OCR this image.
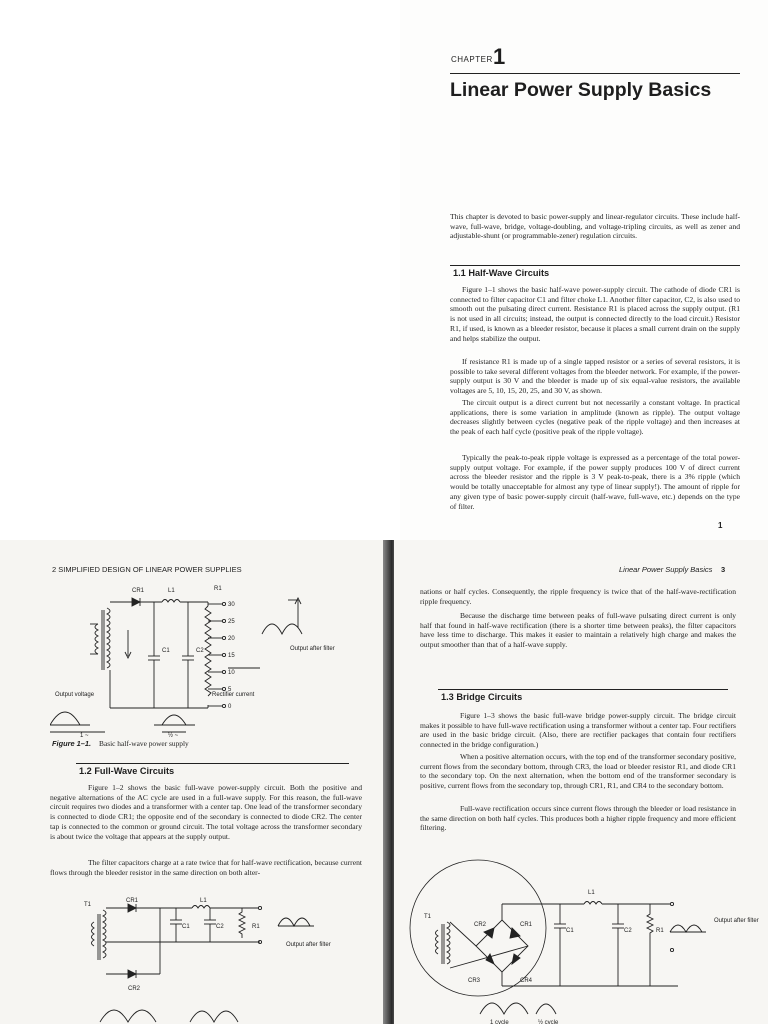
CHAPTER 1
Linear Power Supply Basics

This chapter is devoted to basic power-supply and linear-regulator circuits. These include half-wave, full-wave, bridge, voltage-doubling, and voltage-tripling circuits, as well as zener and adjustable-shunt (or programmable-zener) regulation circuits.

1.1 Half-Wave Circuits

Figure 1–1 shows the basic half-wave power-supply circuit. The cathode of diode CR1 is connected to filter capacitor C1 and filter choke L1. Another filter capacitor, C2, is also used to smooth out the pulsating direct current. Resistance R1 is placed across the supply output. (R1 is not used in all circuits; instead, the output is connected directly to the load circuit.) Resistor R1, if used, is known as a bleeder resistor, because it places a small current drain on the supply and helps stabilize the output.

If resistance R1 is made up of a single tapped resistor or a series of several resistors, it is possible to take several different voltages from the bleeder network. For example, if the power-supply output is 30 V and the bleeder is made up of six equal-value resistors, the available voltages are 5, 10, 15, 20, 25, and 30 V, as shown.

The circuit output is a direct current but not necessarily a constant voltage. In practical applications, there is some variation in amplitude (known as ripple). The output voltage decreases slightly between cycles (negative peak of the ripple voltage) and then increases at the peak of each half cycle (positive peak of the ripple voltage).

Typically the peak-to-peak ripple voltage is expressed as a percentage of the total power-supply output voltage. For example, if the power supply produces 100 V of direct current across the bleeder resistor and the ripple is 3 V peak-to-peak, there is a 3% ripple (which would be totally unacceptable for almost any type of linear supply!). The amount of ripple for any given type of basic power-supply circuit (half-wave, full-wave, etc.) depends on the type of filter.

1
2 SIMPLIFIED DESIGN OF LINEAR POWER SUPPLIES
30
25
20
15
10
5
0
CR1	L1	R1
C1	C2	Output after filter
Output voltage	Rectifier current
1 ~	½ ~
Figure 1–1. Basic half-wave power supply
1.2 Full-Wave Circuits

Figure 1–2 shows the basic full-wave power-supply circuit. Both the positive and negative alternations of the AC cycle are used in a full-wave supply. For this reason, the full-wave circuit requires two diodes and a transformer with a center tap. One lead of the transformer secondary is connected to diode CR1; the opposite end of the secondary is connected to diode CR2. The center tap is connected to the common or ground circuit. The total voltage across the transformer secondary is about twice the voltage that appears at the supply output.

The filter capacitors charge at a rate twice that for half-wave rectification, because current flows through the bleeder resistor in the same direction on both alter-

T1
CR1
CR2
L1
C1	C2	R1
Output after filter
Linear Power Supply Basics 3

nations or half cycles. Consequently, the ripple frequency is twice that of the half-wave-rectification ripple frequency.

Because the discharge time between peaks of full-wave pulsating direct current is only half that found in half-wave rectification (there is a shorter time between peaks), the filter capacitors have less time to discharge. This makes it easier to maintain a relatively high charge and makes the output smoother than that of a half-wave supply.

1.3 Bridge Circuits

Figure 1–3 shows the basic full-wave bridge power-supply circuit. The bridge circuit makes it possible to have full-wave rectification using a transformer without a center tap. Four rectifiers are used in the basic bridge circuit. (Also, there are rectifier packages that contain four rectifiers connected in the bridge configuration.)

When a positive alternation occurs, with the top end of the transformer secondary positive, current flows from the secondary bottom, through CR3, the load or bleeder resistor R1, and diode CR1 to the secondary top. On the next alternation, when the bottom end of the transformer secondary is positive, current flows from the secondary top, through CR1, R1, and CR4 to the secondary bottom.

Full-wave rectification occurs since current flows through the bleeder or load resistance in the same direction on both half cycles. This produces both a higher ripple frequency and more efficient filtering.

T1
CR2	CR1
CR3	CR4
L1
C1	C2	R1
Output after filter
1 cycle	½ cycle
